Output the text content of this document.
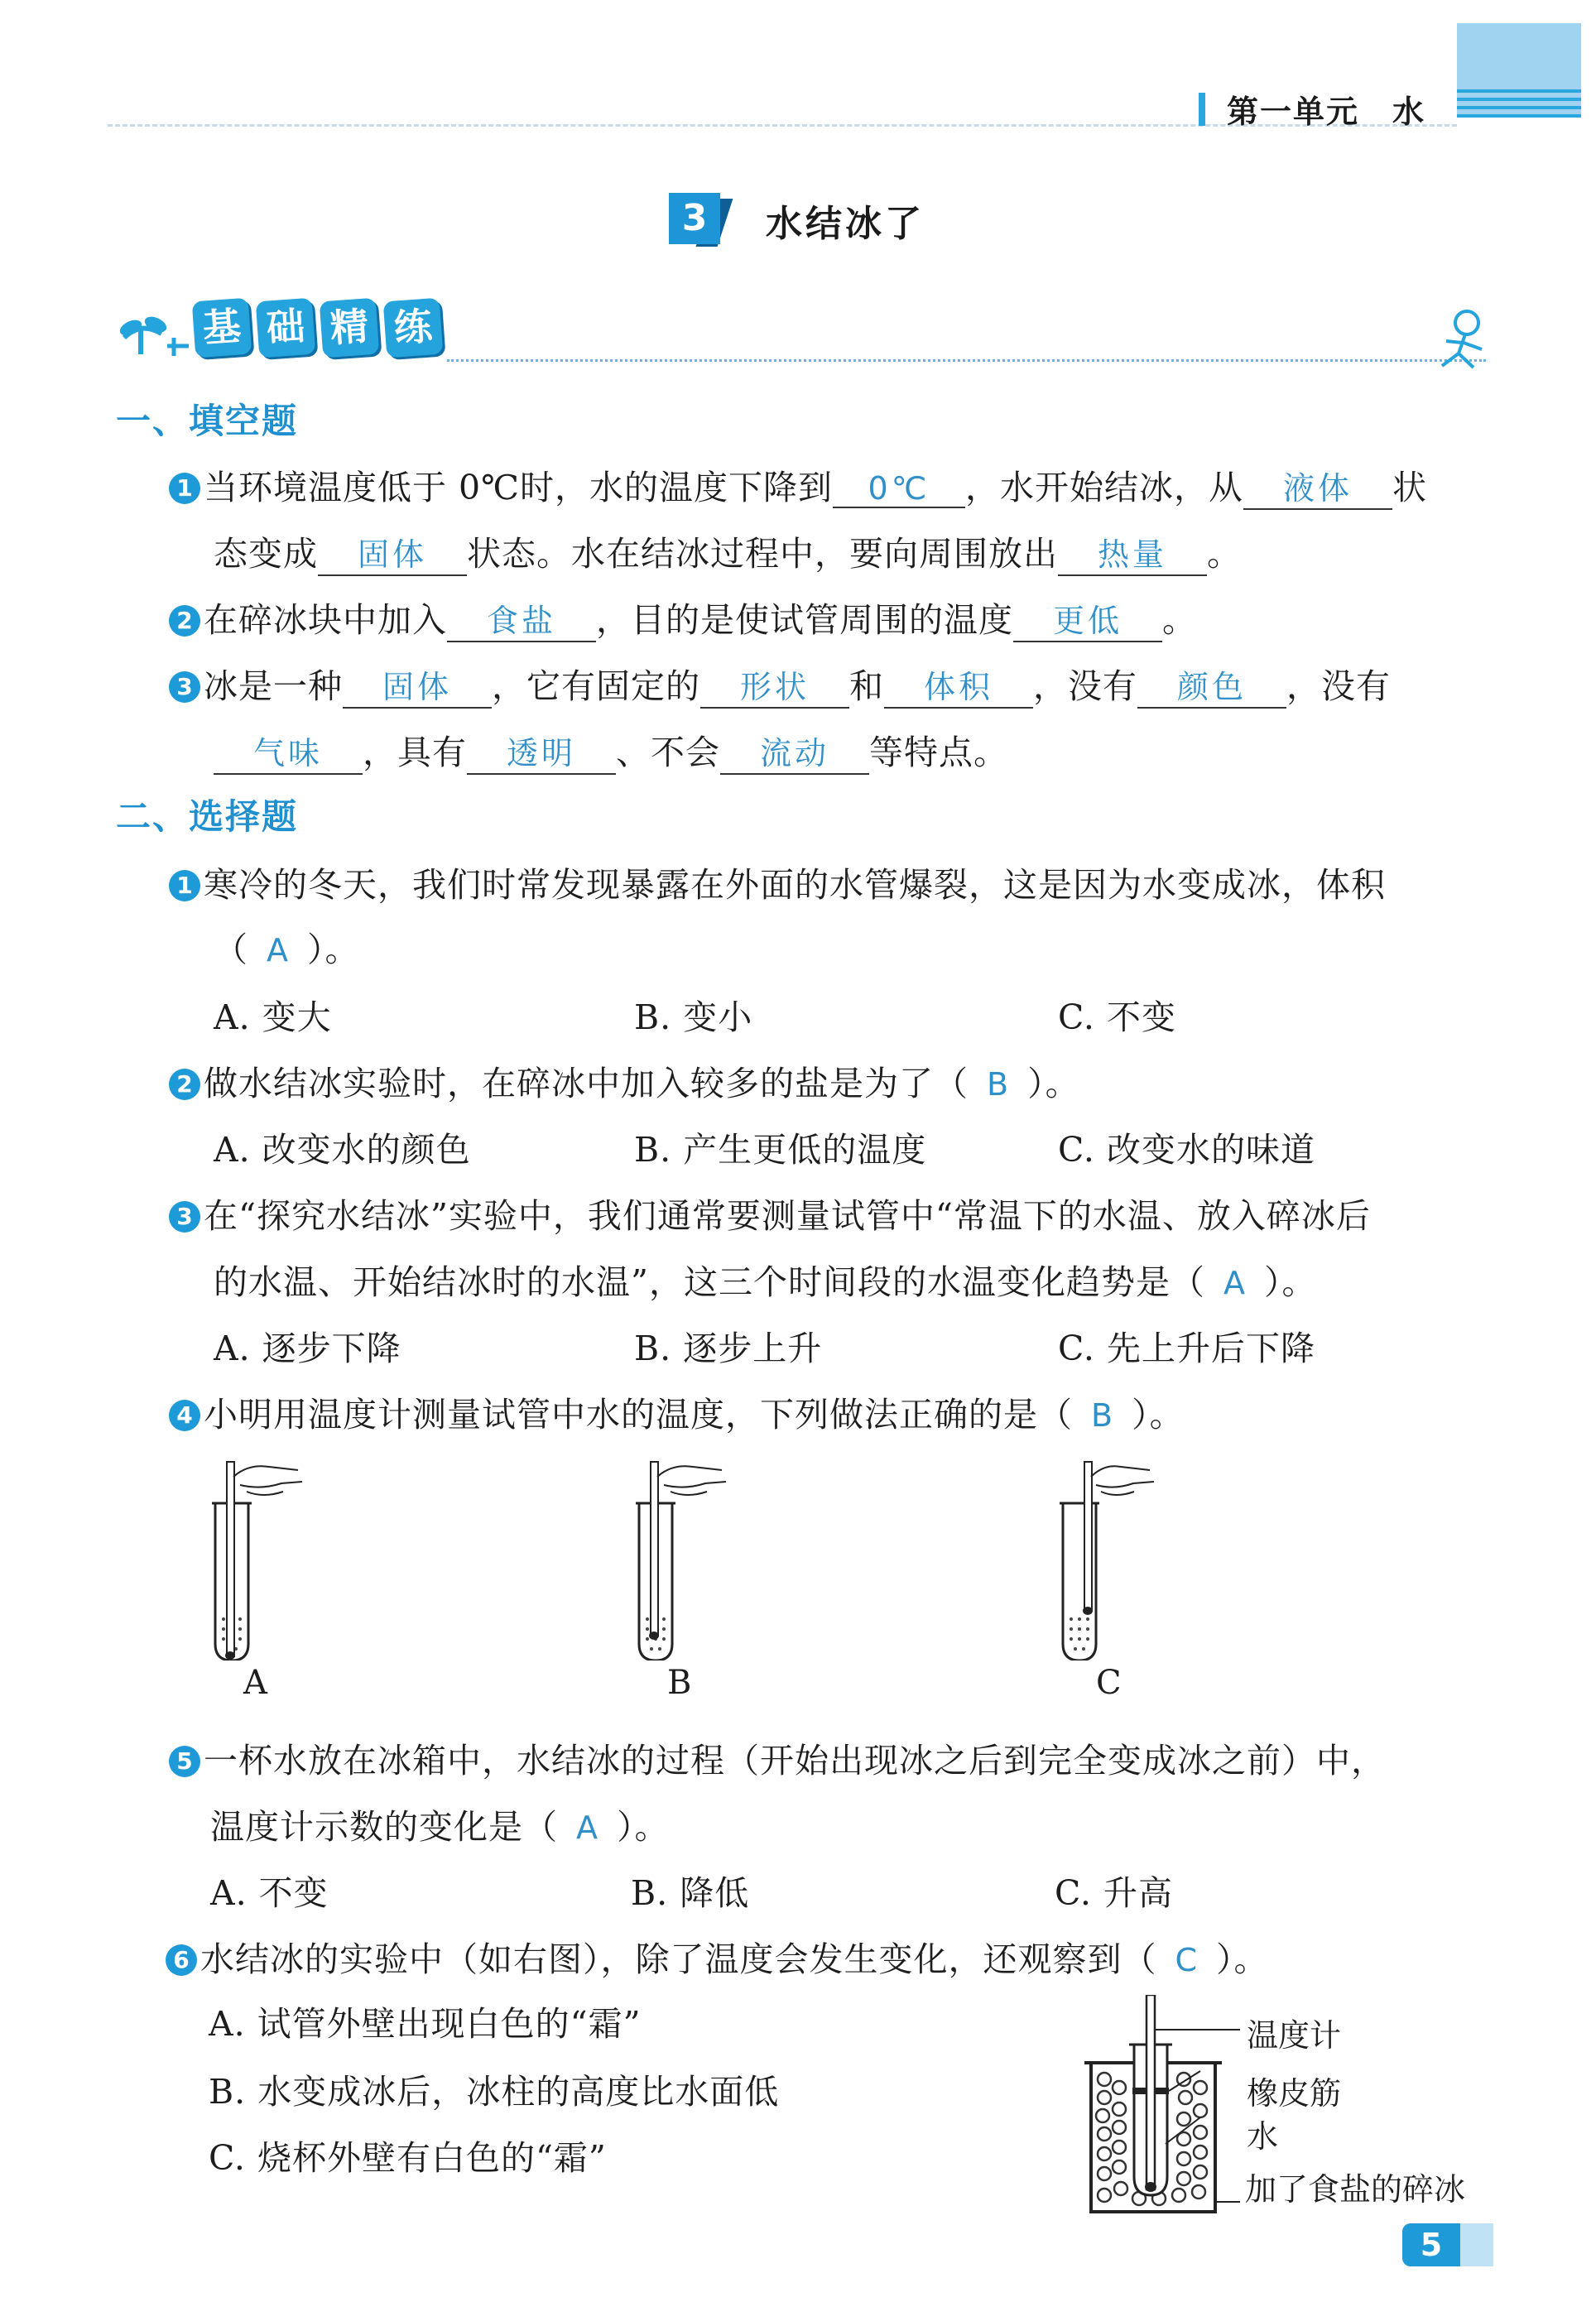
第一单元　水
3	水结冰了
基 础 精 练
一、填空题
1 当环境温度低于 0℃时，水的温度下降到 0℃ ，水开始结冰，从 液体 状
态变成 固体 状态。水在结冰过程中，要向周围放出 热量 。
2 在碎冰块中加入 食盐 ，目的是使试管周围的温度 更低 。
3 冰是一种 固体 ，它有固定的 形状 和 体积 ，没有 颜色 ，没有
气味 ，具有 透明 、不会 流动 等特点。
二、选择题
1 寒冷的冬天，我们时常发现暴露在外面的水管爆裂，这是因为水变成冰，体积
（ A ）。
A. 变大	B. 变小	C. 不变
2 做水结冰实验时，在碎冰中加入较多的盐是为了（ B ）。
A. 改变水的颜色	B. 产生更低的温度	C. 改变水的味道
3 在“探究水结冰”实验中，我们通常要测量试管中“常温下的水温、放入碎冰后
的水温、开始结冰时的水温”，这三个时间段的水温变化趋势是（ A ）。
A. 逐步下降	B. 逐步上升	C. 先上升后下降
4 小明用温度计测量试管中水的温度，下列做法正确的是（ B ）。
A	B	C
5 一杯水放在冰箱中，水结冰的过程（开始出现冰之后到完全变成冰之前）中，
温度计示数的变化是（ A ）。
A. 不变	B. 降低	C. 升高
6 水结冰的实验中（如右图），除了温度会发生变化，还观察到（ C ）。
A. 试管外壁出现白色的“霜”
B. 水变成冰后，冰柱的高度比水面低
C. 烧杯外壁有白色的“霜”
温度计
橡皮筋
水
加了食盐的碎冰
5
